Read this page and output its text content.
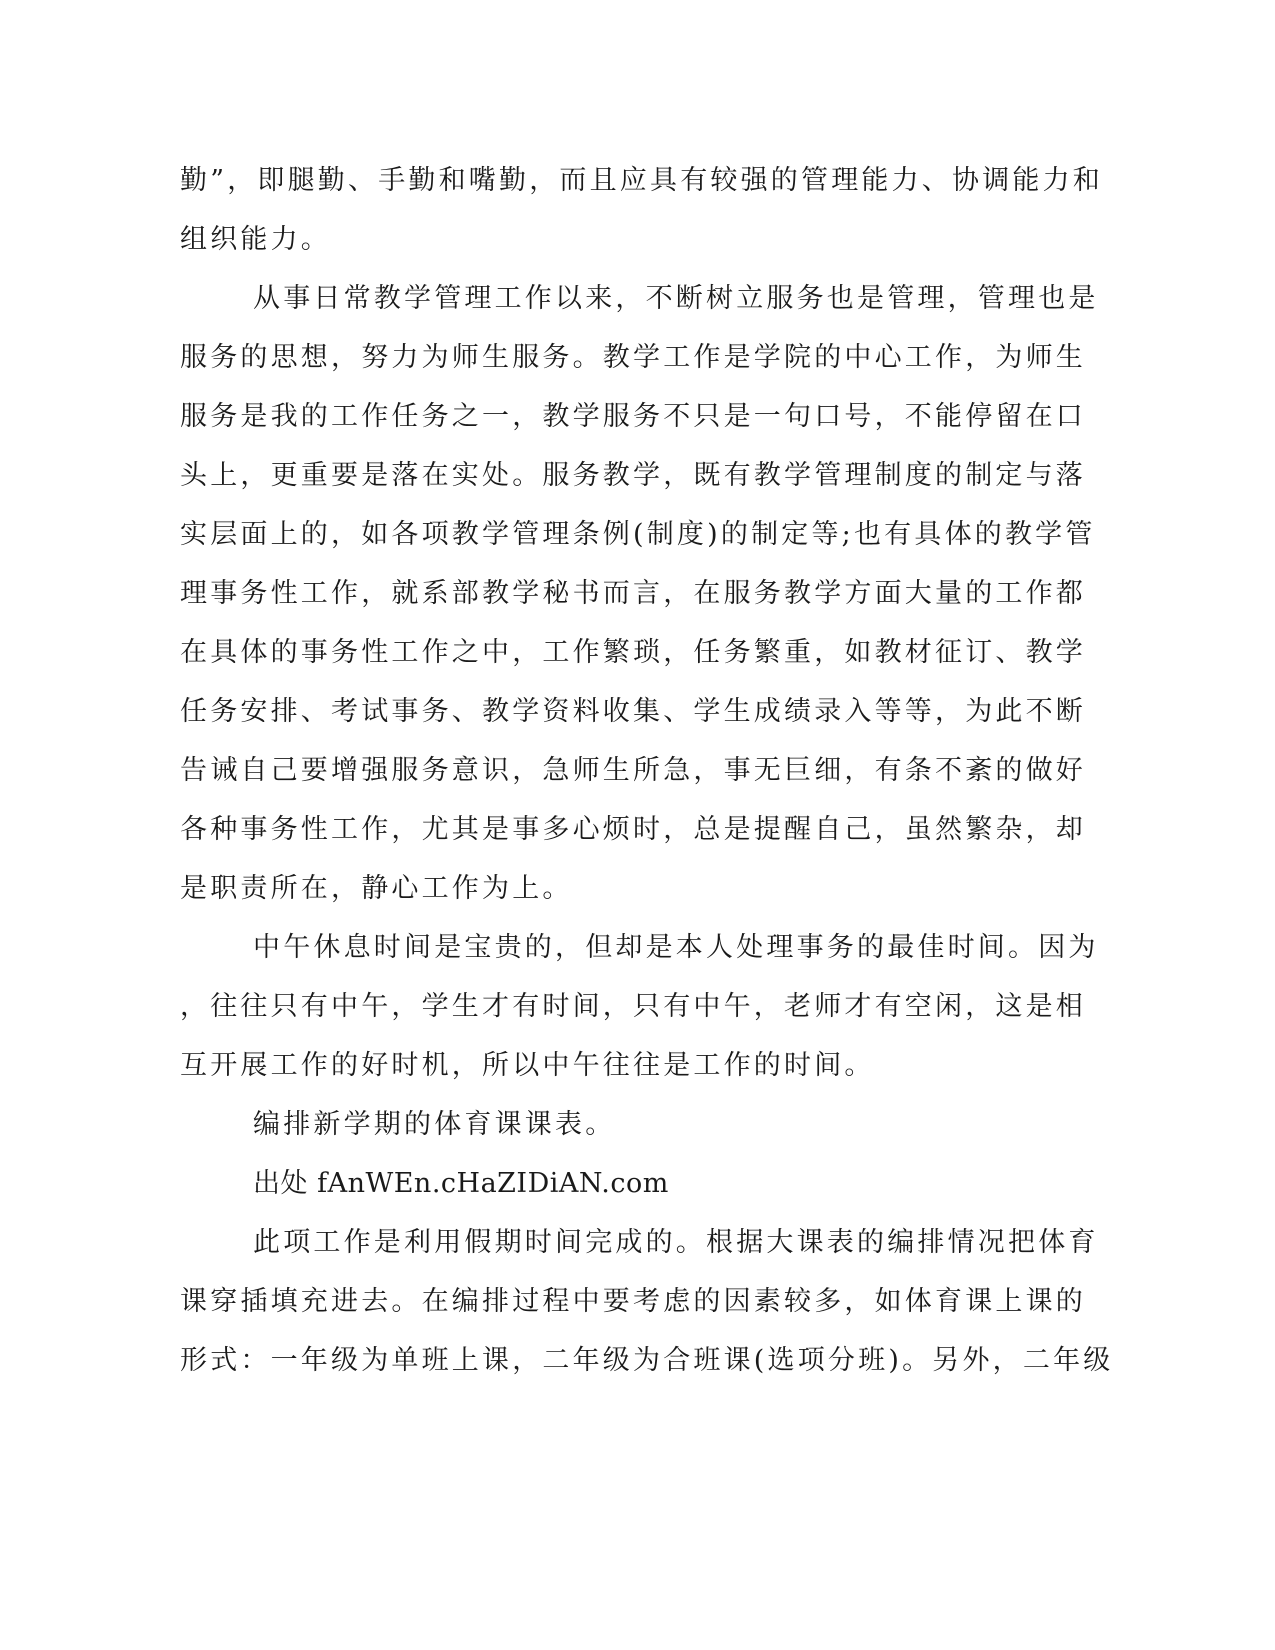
勤”，即腿勤、手勤和嘴勤，而且应具有较强的管理能力、协调能力和
组织能力。
从事日常教学管理工作以来，不断树立服务也是管理，管理也是
服务的思想，努力为师生服务。教学工作是学院的中心工作，为师生
服务是我的工作任务之一，教学服务不只是一句口号，不能停留在口
头上，更重要是落在实处。服务教学，既有教学管理制度的制定与落
实层面上的，如各项教学管理条例(制度)的制定等;也有具体的教学管
理事务性工作，就系部教学秘书而言，在服务教学方面大量的工作都
在具体的事务性工作之中，工作繁琐，任务繁重，如教材征订、教学
任务安排、考试事务、教学资料收集、学生成绩录入等等，为此不断
告诫自己要增强服务意识，急师生所急，事无巨细，有条不紊的做好
各种事务性工作，尤其是事多心烦时，总是提醒自己，虽然繁杂，却
是职责所在，静心工作为上。
中午休息时间是宝贵的，但却是本人处理事务的最佳时间。因为
，往往只有中午，学生才有时间，只有中午，老师才有空闲，这是相
互开展工作的好时机，所以中午往往是工作的时间。
编排新学期的体育课课表。
出处 fAnWEn.cHaZIDiAN.com
此项工作是利用假期时间完成的。根据大课表的编排情况把体育
课穿插填充进去。在编排过程中要考虑的因素较多，如体育课上课的
形式：一年级为单班上课，二年级为合班课(选项分班)。另外，二年级
